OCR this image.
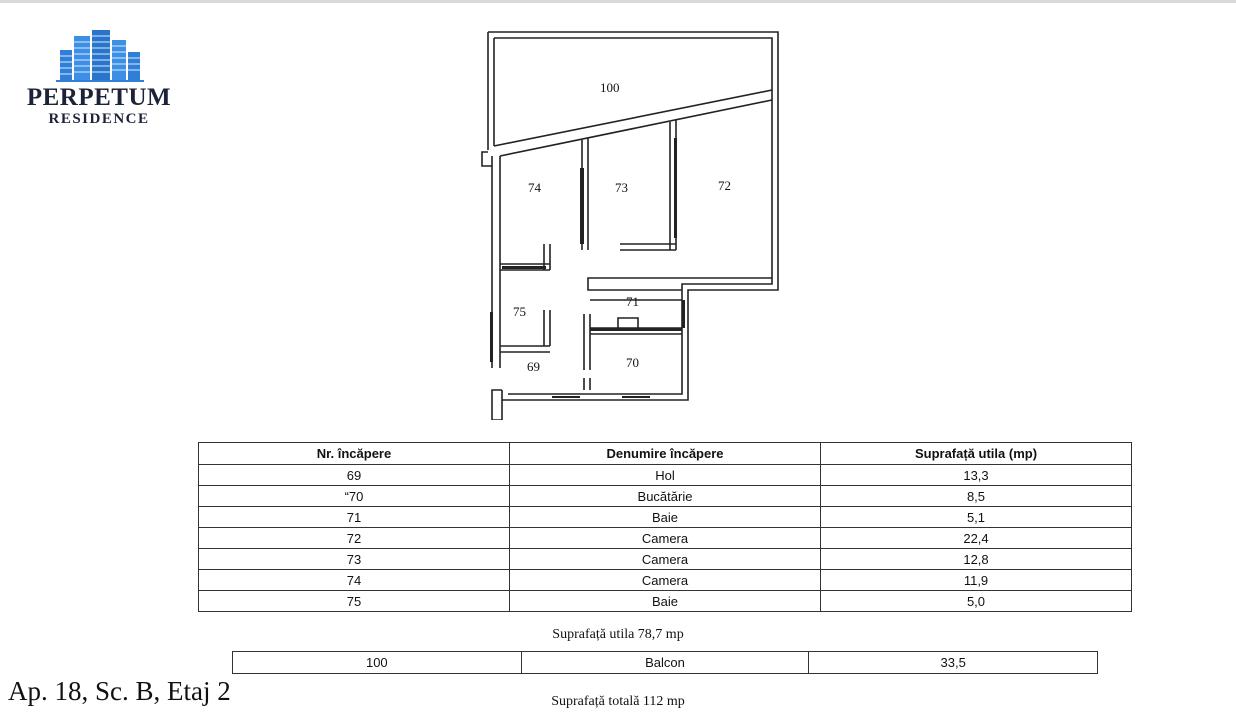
PERPETUM
RESIDENCE
100
74	73	72
75
71
69	70
Nr. încăpere	Denumire încăpere	Suprafață utila (mp)
69	Hol	13,3
“70	Bucătărie	8,5
71	Baie	5,1
72	Camera	22,4
73	Camera	12,8
74	Camera	11,9
75	Baie	5,0
Suprafață utila 78,7 mp
100	Balcon	33,5
Ap. 18, Sc. B, Etaj 2	Suprafață totală 112 mp
